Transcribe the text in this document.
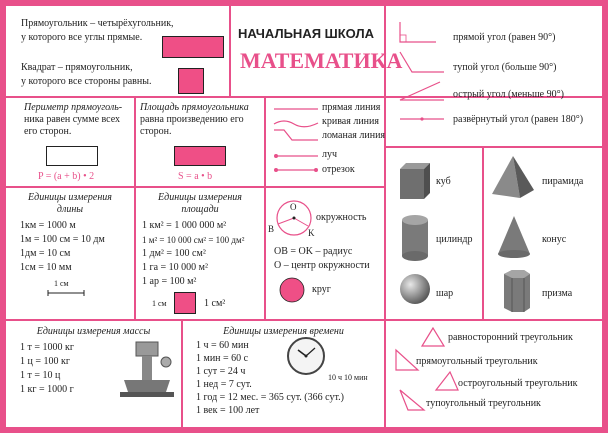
Прямоугольник – четырёхугольник,
у которого все углы прямые.
Квадрат – прямоугольник,
у которого все стороны равны.
НАЧАЛЬНАЯ ШКОЛА
МАТЕМАТИКА
прямой угол (равен 90°)
тупой угол (больше 90°)
острый угол (меньше 90°)
развёрнутый угол (равен 180°)
Периметр прямоуголь-
ника равен сумме всех
его сторон.
P = (a + b) • 2
Площадь прямоугольника
равна произведению его
сторон.
S = a • b
прямая линия
кривая линия
ломаная линия
луч
отрезок
Единицы измерения
длины
1км = 1000 м
1м = 100 см = 10 дм
1дм = 10 см
1см = 10 мм
1 см
Единицы измерения
площади
1 км² = 1 000 000 м²
1 м² = 10 000 см² = 100 дм²
1 дм² = 100 см²
1 га = 10 000 м²
1 ар = 100 м²
1 см	1 см²
O
B	K
окружность
OB = OK – радиус
O – центр окружности
круг
куб	пирамида
цилиндр	конус
шар	призма
Единицы измерения массы
1 т = 1000 кг
1 ц = 100 кг
1 т = 10 ц
1 кг = 1000 г
Единицы измерения времени
1 ч = 60 мин
1 мин = 60 с
1 сут = 24 ч
1 нед = 7 сут.
1 год = 12 мес. = 365 сут. (366 сут.)
1 век = 100 лет
10 ч 10 мин
равносторонний треугольник
прямоугольный треугольник
остроугольный треугольник
тупоугольный треугольник
